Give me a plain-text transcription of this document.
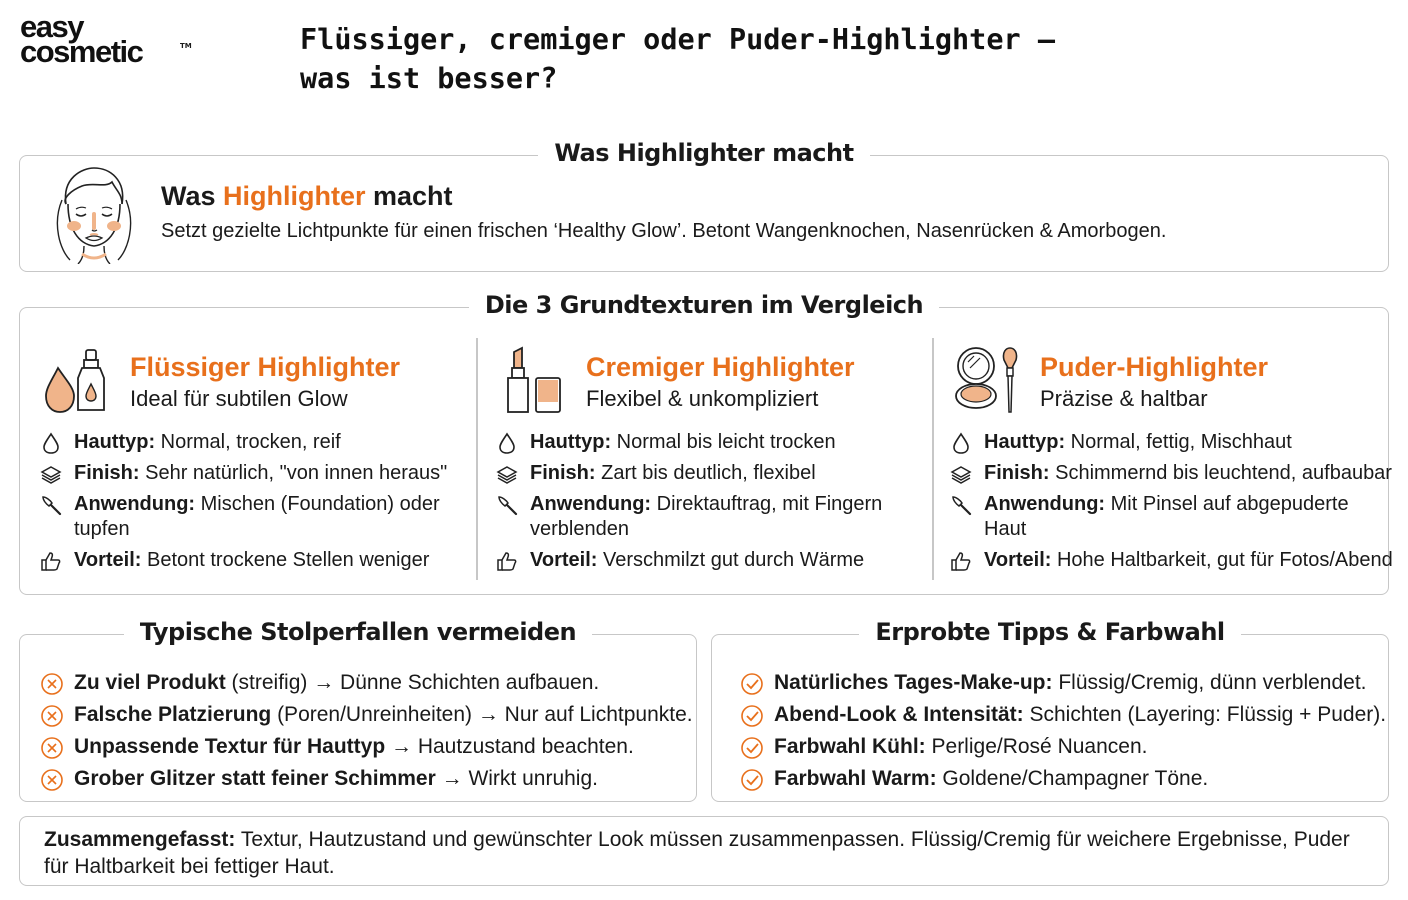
easy
cosmetic	TM	Flüssiger, cremiger oder Puder-Highlighter – was ist besser?
Was Highlighter macht
Was Highlighter macht
Setzt gezielte Lichtpunkte für einen frischen ‘Healthy Glow’. Betont Wangenknochen, Nasenrücken & Amorbogen.
Die 3 Grundtexturen im Vergleich
Flüssiger Highlighter
Ideal für subtilen Glow
Hauttyp: Normal, trocken, reif
Finish: Sehr natürlich, "von innen heraus"
Anwendung: Mischen (Foundation) oder
tupfen
Vorteil: Betont trockene Stellen weniger
Cremiger Highlighter
Flexibel & unkompliziert
Hauttyp: Normal bis leicht trocken
Finish: Zart bis deutlich, flexibel
Anwendung: Direktauftrag, mit Fingern
verblenden
Vorteil: Verschmilzt gut durch Wärme
Puder-Highlighter
Präzise & haltbar
Hauttyp: Normal, fettig, Mischhaut
Finish: Schimmernd bis leuchtend, aufbaubar
Anwendung: Mit Pinsel auf abgepuderte
Haut
Vorteil: Hohe Haltbarkeit, gut für Fotos/Abend
Typische Stolperfallen vermeiden
Zu viel Produkt (streifig) → Dünne Schichten aufbauen.
Falsche Platzierung (Poren/Unreinheiten) → Nur auf Lichtpunkte.
Unpassende Textur für Hauttyp → Hautzustand beachten.
Grober Glitzer statt feiner Schimmer → Wirkt unruhig.
Erprobte Tipps & Farbwahl
Natürliches Tages-Make-up: Flüssig/Cremig, dünn verblendet.
Abend-Look & Intensität: Schichten (Layering: Flüssig + Puder).
Farbwahl Kühl: Perlige/Rosé Nuancen.
Farbwahl Warm: Goldene/Champagner Töne.
Zusammengefasst: Textur, Hautzustand und gewünschter Look müssen zusammenpassen. Flüssig/Cremig für weichere Ergebnisse, Puder für Haltbarkeit bei fettiger Haut.
